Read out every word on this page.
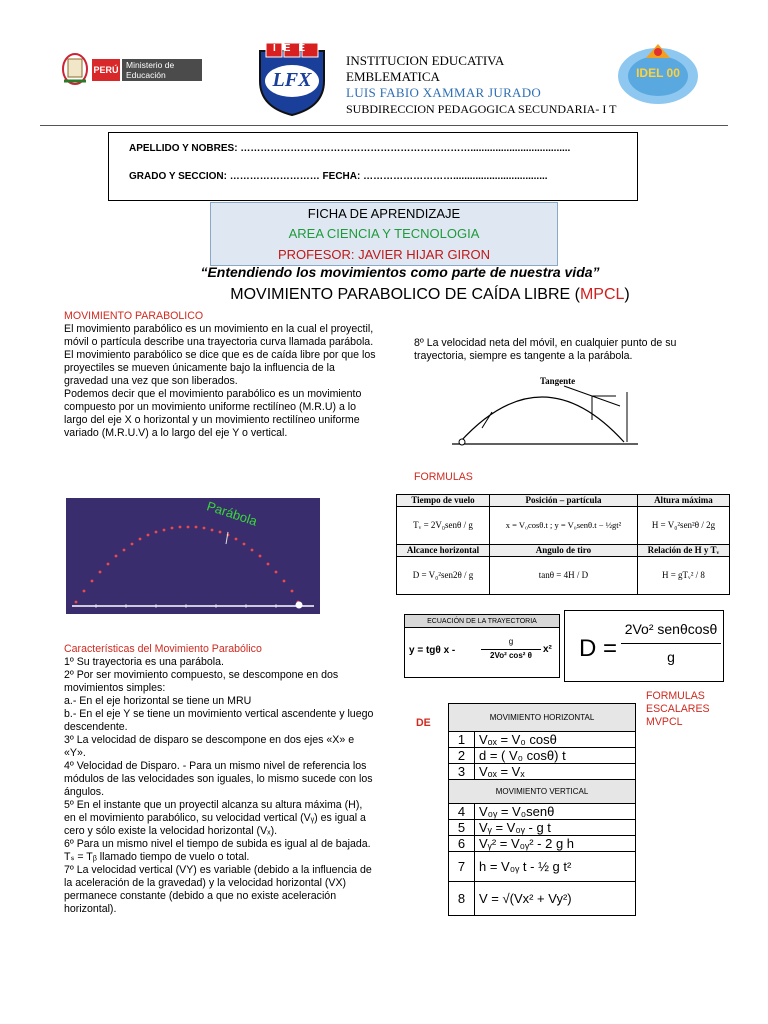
PERÚ Ministerio de Educación
IEE
LFX
INSTITUCION EDUCATIVA
EMBLEMATICA
LUIS FABIO XAMMAR JURADO
SUBDIRECCION PEDAGOGICA SECUNDARIA- I T
IDEL 00
APELLIDO Y NOBRES: ……………………………………………………………....................................
GRADO Y SECCION: ……………………… FECHA: ………………………..................................
FICHA DE APRENDIZAJE
AREA CIENCIA Y TECNOLOGIA
PROFESOR: JAVIER HIJAR GIRON
“Entendiendo los movimientos como parte de nuestra vida”
MOVIMIENTO PARABOLICO DE CAÍDA LIBRE (MPCL)
MOVIMIENTO PARABOLICO
El movimiento parabólico es un movimiento en la cual el proyectil, móvil o partícula describe una trayectoria curva llamada parábola.
El movimiento parabólico se dice que es de caída libre por que los proyectiles se mueven únicamente bajo la influencia de la gravedad una vez que son liberados.
Podemos decir que el movimiento parabólico es un movimiento compuesto por un movimiento uniforme rectilíneo (M.R.U) a lo largo del eje X o horizontal y un movimiento rectilíneo uniforme variado (M.R.U.V) a lo largo del eje Y o vertical.
Parábola
Características del Movimiento Parabólico
1º Su trayectoria es una parábola.
2º Por ser movimiento compuesto, se descompone en dos movimientos simples:
a.- En el eje horizontal se tiene un MRU
b.- En el eje Y se tiene un movimiento vertical ascendente y luego descendente.
3º La velocidad de disparo se descompone en dos ejes «X» e «Y».
4º Velocidad de Disparo. - Para un mismo nivel de referencia los módulos de las velocidades son iguales, lo mismo sucede con los ángulos.
5º En el instante que un proyectil alcanza su altura máxima (H), en el movimiento parabólico, su velocidad vertical (Vᵧ) es igual a cero y sólo existe la velocidad horizontal (Vₓ).
6º Para un mismo nivel el tiempo de subida es igual al de bajada. Tₛ = Tᵦ llamado tiempo de vuelo o total.
7º La velocidad vertical (VY) es variable (debido a la influencia de la aceleración de la gravedad) y la velocidad horizontal (VX) permanece constante (debido a que no existe aceleración horizontal).
8º La velocidad neta del móvil, en cualquier punto de su trayectoria, siempre es tangente a la parábola.
Tangente
FORMULAS
Tiempo de vuelo	Posición – partícula	Altura máxima
Tᵥ = 2V₀senθ / g	x = V₀cosθ.t ; y = V₀senθ.t − ½gt²	H = V₀²sen²θ / 2g
Alcance horizontal	Angulo de tiro	Relación de H y Tᵥ
D = V₀²sen2θ / g	tanθ = 4H / D	H = gTᵥ² / 8
ECUACIÓN DE LA TRAYECTORIA
y = tgθ x -
g
2Vo² cos² θ
x² D =
2Vo² senθcosθ
g
FORMULAS
ESCALARES
MVPCL
DE	MOVIMIENTO HORIZONTAL	
1	Vₒₓ = V₀ cosθ
2	d = ( V₀ cosθ) t
3	Vₒₓ = Vₓ
MOVIMIENTO VERTICAL	
4	V₀ᵧ = V₀senθ
5	Vᵧ = V₀ᵧ - g t
6	Vᵧ² = V₀ᵧ² - 2 g h
7	h = V₀ᵧ t - ½ g t²
8	V = √(Vx² + Vy²)
